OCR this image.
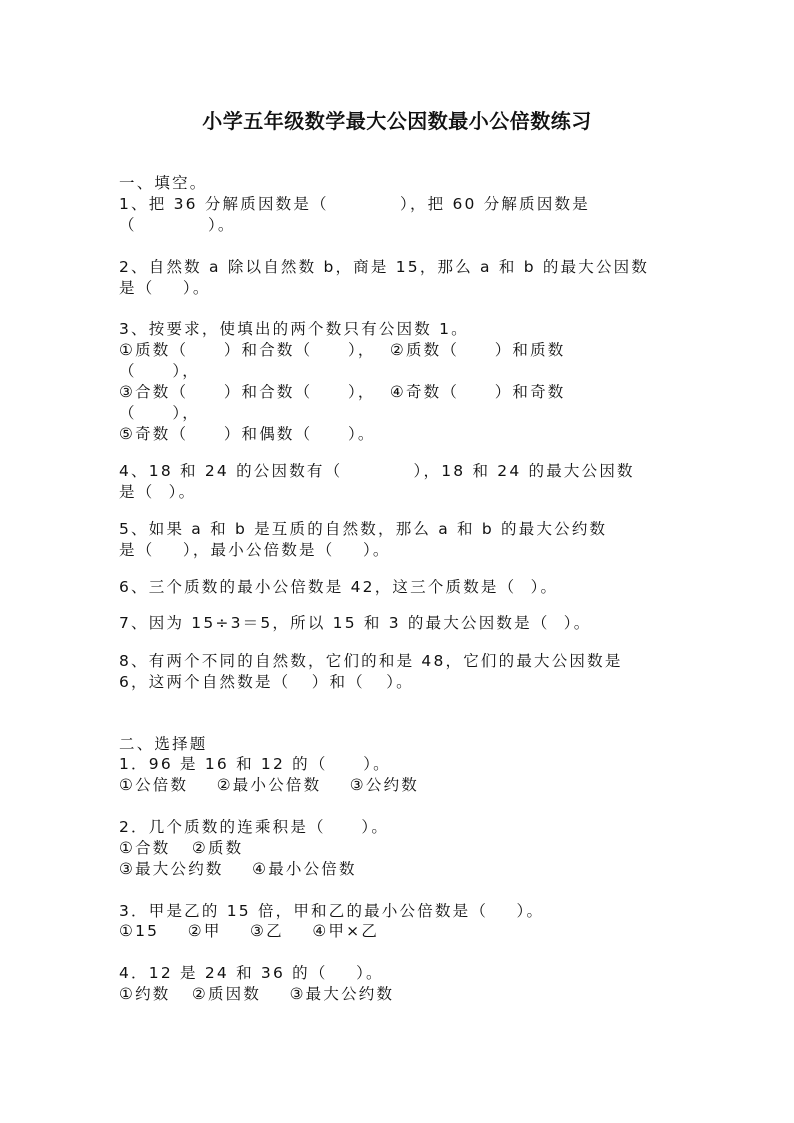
小学五年级数学最大公因数最小公倍数练习
一、填空。
1、把 36 分解质因数是（          ），把 60 分解质因数是
（          ）。
2、自然数 a 除以自然数 b，商是 15，那么 a 和 b 的最大公因数
是（    ）。
3、按要求，使填出的两个数只有公因数 1。
①质数（     ）和合数（     ），  ②质数（     ）和质数
（     ），
③合数（     ）和合数（     ），  ④奇数（     ）和奇数
（     ），
⑤奇数（     ）和偶数（     ）。
4、18 和 24 的公因数有（          ），18 和 24 的最大公因数
是（  ）。
5、如果 a 和 b 是互质的自然数，那么 a 和 b 的最大公约数
是（    ），最小公倍数是（    ）。
6、三个质数的最小公倍数是 42，这三个质数是（  ）。
7、因为 15÷3＝5，所以 15 和 3 的最大公因数是（  ）。
8、有两个不同的自然数，它们的和是 48，它们的最大公因数是
6，这两个自然数是（   ）和（   ）。
二、选择题
1．96 是 16 和 12 的（     ）。
①公倍数    ②最小公倍数    ③公约数
2．几个质数的连乘积是（     ）。
①合数   ②质数
③最大公约数    ④最小公倍数
3．甲是乙的 15 倍，甲和乙的最小公倍数是（    ）。
①15    ②甲    ③乙    ④甲×乙
4．12 是 24 和 36 的（    ）。
①约数   ②质因数    ③最大公约数
